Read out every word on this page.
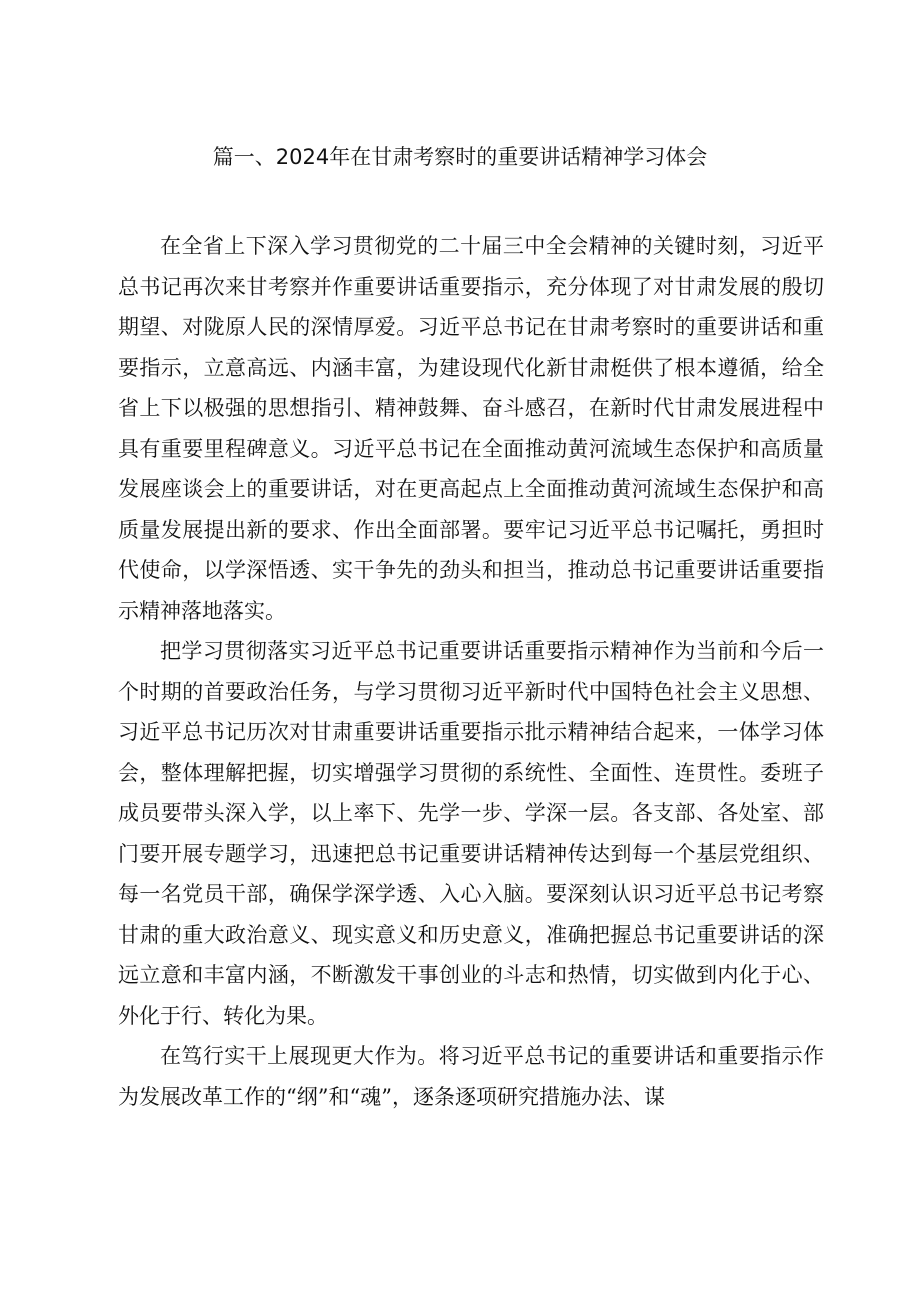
篇一、2024年在甘肃考察时的重要讲话精神学习体会

在全省上下深入学习贯彻党的二十届三中全会精神的关键时刻，习近平总书记再次来甘考察并作重要讲话重要指示，充分体现了对甘肃发展的殷切期望、对陇原人民的深情厚爱。习近平总书记在甘肃考察时的重要讲话和重要指示，立意高远、内涵丰富，为建设现代化新甘肃梃供了根本遵循，给全省上下以极强的思想指引、精神鼓舞、奋斗感召，在新时代甘肃发展进程中具有重要里程碑意义。习近平总书记在全面推动黄河流域生态保护和高质量发展座谈会上的重要讲话，对在更高起点上全面推动黄河流域生态保护和高质量发展提出新的要求、作出全面部署。要牢记习近平总书记嘱托，勇担时代使命，以学深悟透、实干争先的劲头和担当，推动总书记重要讲话重要指示精神落地落实。

把学习贯彻落实习近平总书记重要讲话重要指示精神作为当前和今后一个时期的首要政治任务，与学习贯彻习近平新时代中国特色社会主义思想、习近平总书记历次对甘肃重要讲话重要指示批示精神结合起来，一体学习体会，整体理解把握，切实增强学习贯彻的系统性、全面性、连贯性。委班子成员要带头深入学，以上率下、先学一步、学深一层。各支部、各处室、部门要开展专题学习，迅速把总书记重要讲话精神传达到每一个基层党组织、每一名党员干部，确保学深学透、入心入脑。要深刻认识习近平总书记考察甘肃的重大政治意义、现实意义和历史意义，准确把握总书记重要讲话的深远立意和丰富内涵，不断激发干事创业的斗志和热情，切实做到内化于心、外化于行、转化为果。

在笃行实干上展现更大作为。将习近平总书记的重要讲话和重要指示作为发展改革工作的“纲”和“魂”，逐条逐项研究措施办法、谋
